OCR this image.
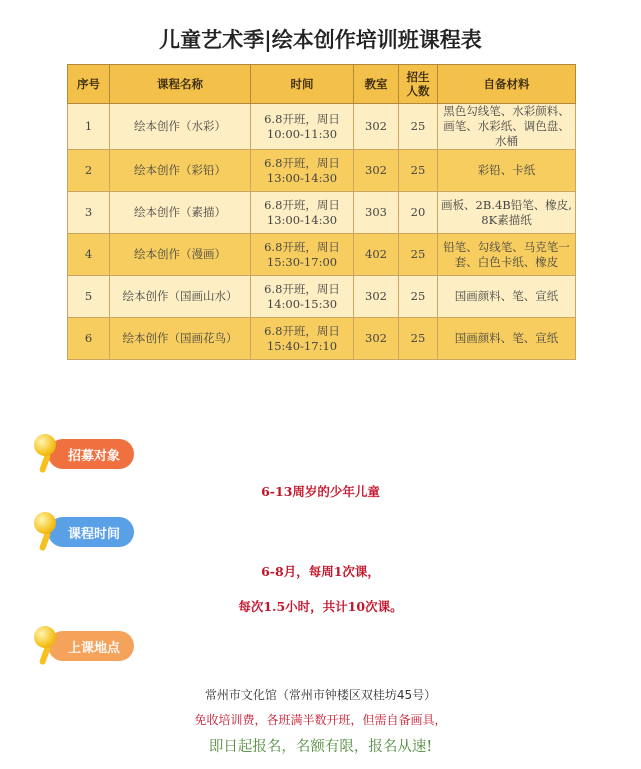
儿童艺术季|绘本创作培训班课程表
序号	课程名称	时间	教室	招生
人数	自备材料
1	绘本创作（水彩）	6.8开班，周日
10:00-11:30	302	25	黑色勾线笔、水彩颜料、
画笔、水彩纸、调色盘、
水桶
2	绘本创作（彩铅）	6.8开班，周日
13:00-14:30	302	25	彩铅、卡纸
3	绘本创作（素描）	6.8开班，周日
13:00-14:30	303	20	画板、2B.4B铅笔、橡皮,
8K素描纸
4	绘本创作（漫画）	6.8开班，周日
15:30-17:00	402	25	铅笔、勾线笔、马克笔一
套、白色卡纸、橡皮
5	绘本创作（国画山水）	6.8开班，周日
14:00-15:30	302	25	国画颜料、笔、宣纸
6	绘本创作（国画花鸟）	6.8开班，周日
15:40-17:10	302	25	国画颜料、笔、宣纸
招募对象
6-13周岁的少年儿童
课程时间
6-8月，每周1次课，
每次1.5小时，共计10次课。
上课地点
常州市文化馆（常州市钟楼区双桂坊45号）
免收培训费，各班满半数开班，但需自备画具，
即日起报名，名额有限，报名从速!
